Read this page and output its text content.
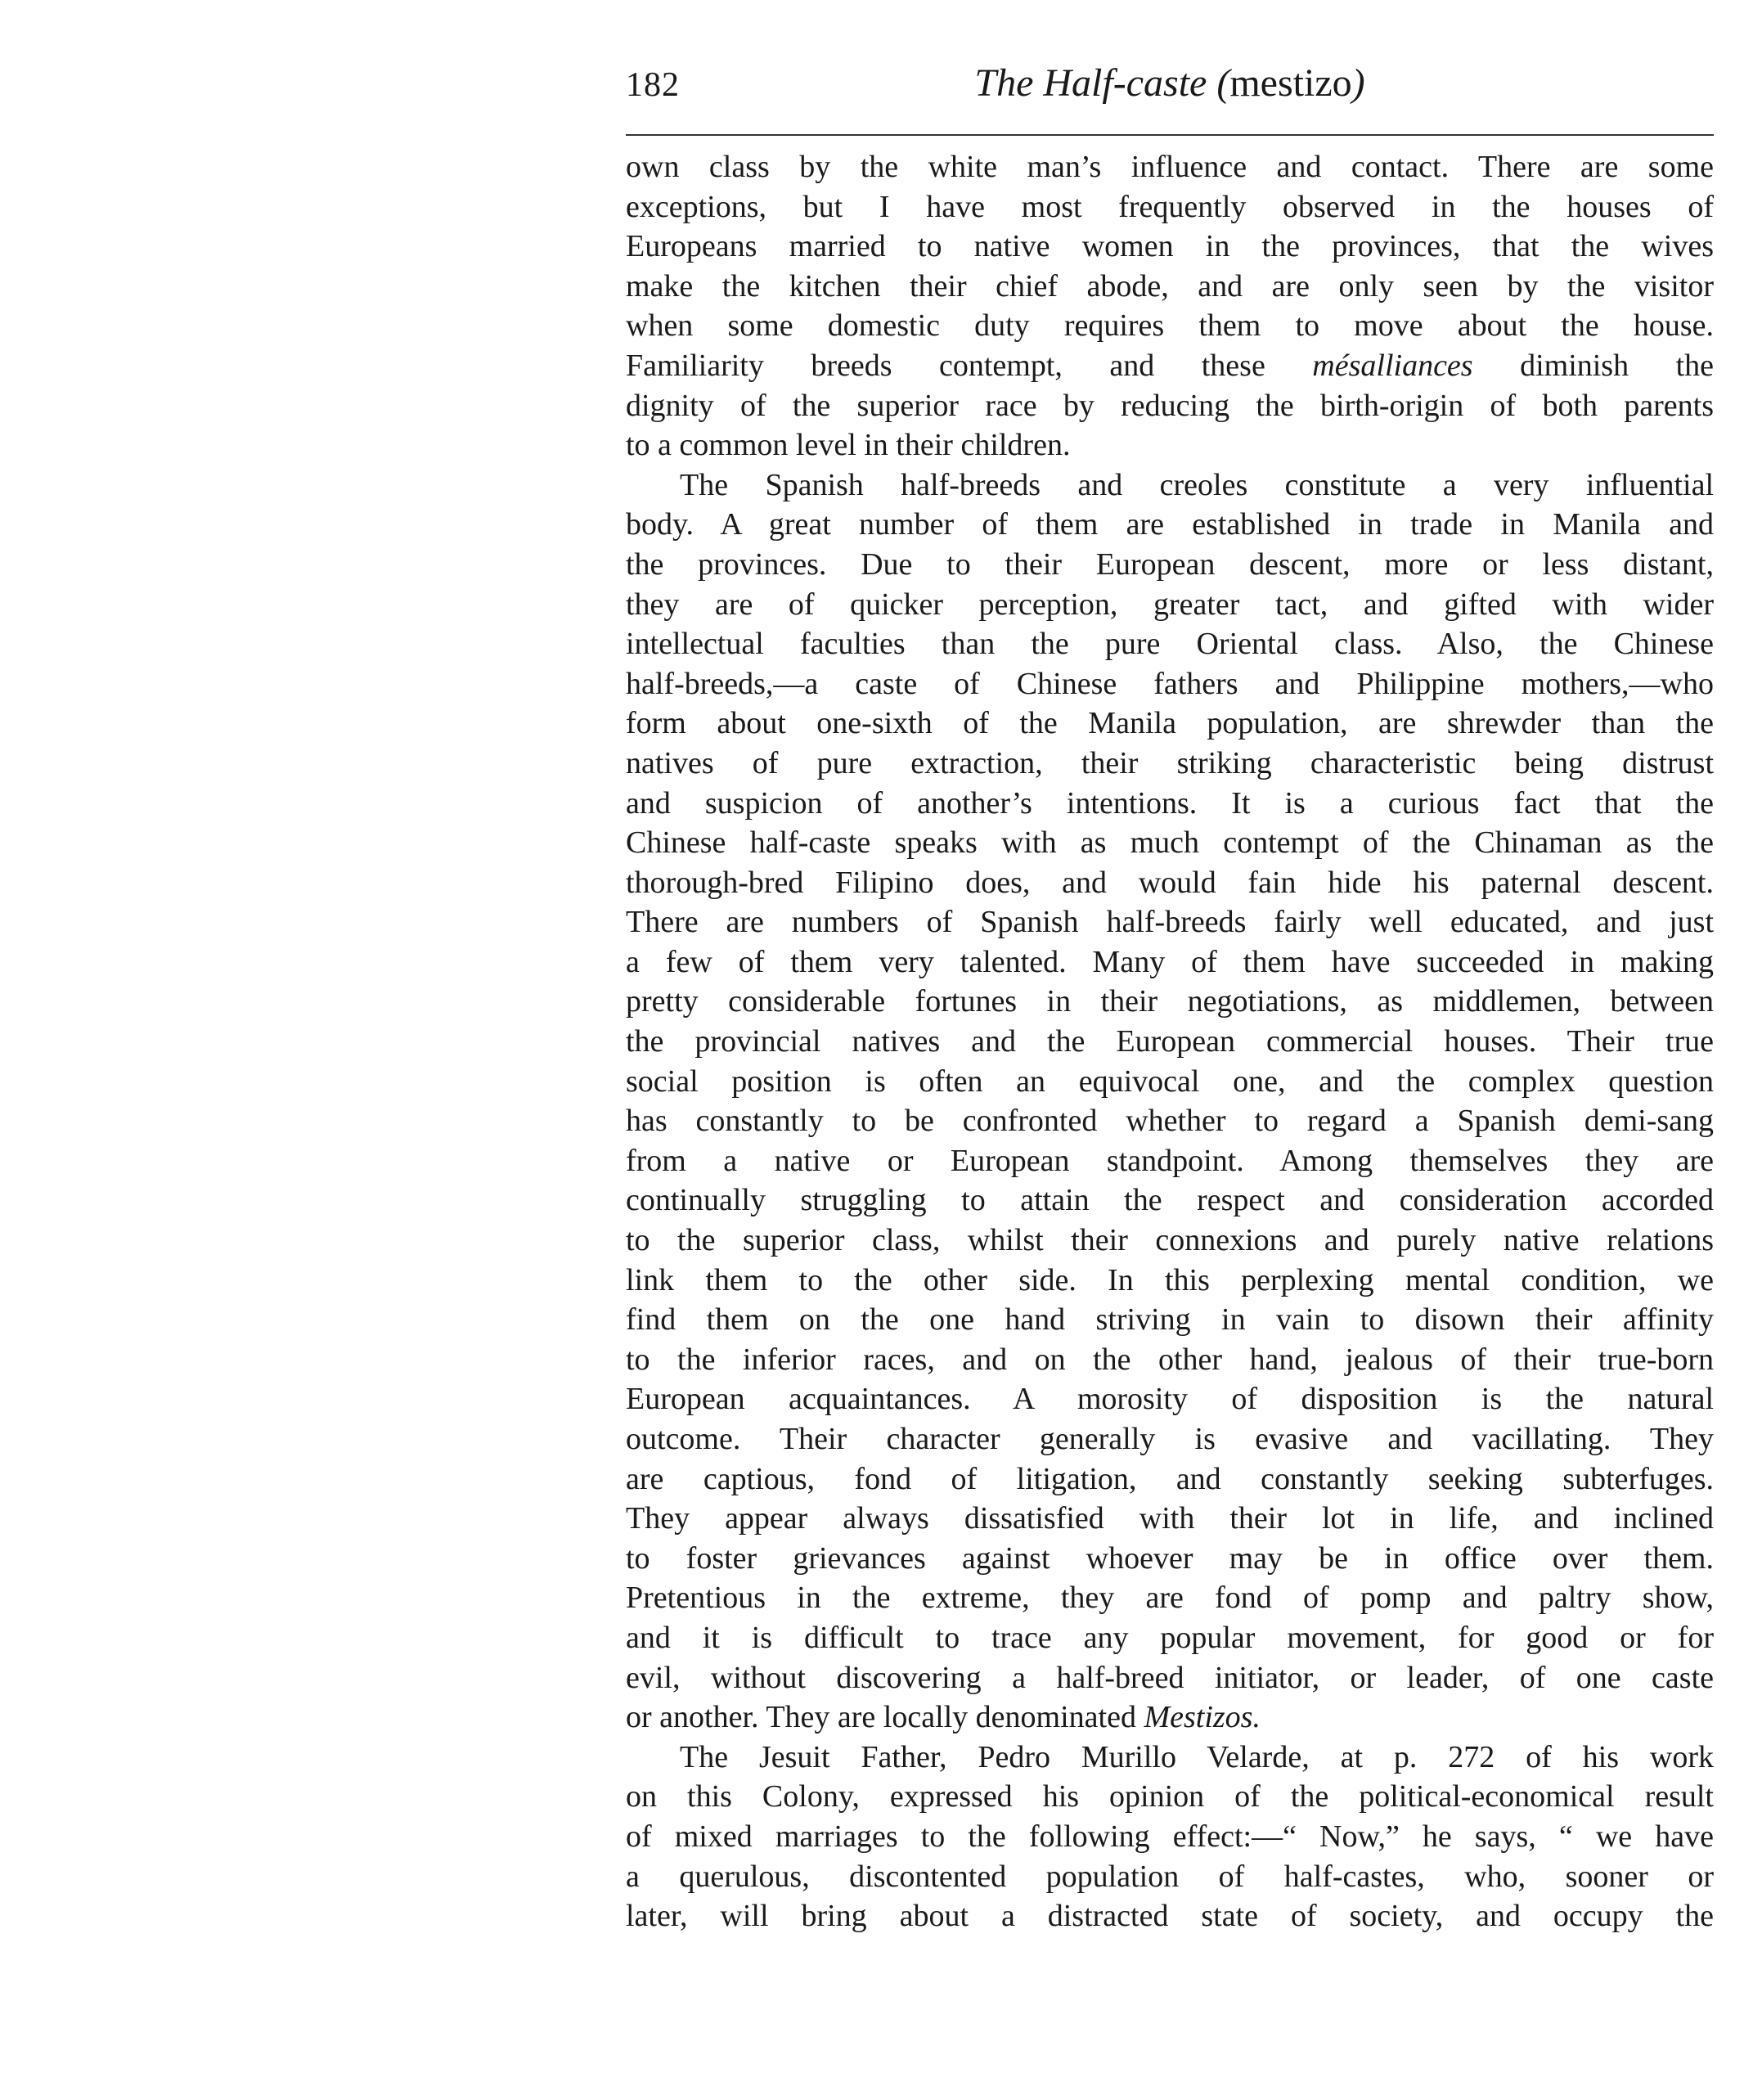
182	The Half-caste (mestizo)
own class by the white man’s influence and contact. There are some
exceptions, but I have most frequently observed in the houses of
Europeans married to native women in the provinces, that the wives
make the kitchen their chief abode, and are only seen by the visitor
when some domestic duty requires them to move about the house.
Familiarity breeds contempt, and these mésalliances diminish the
dignity of the superior race by reducing the birth-origin of both parents
to a common level in their children.
The Spanish half-breeds and creoles constitute a very influential
body. A great number of them are established in trade in Manila and
the provinces. Due to their European descent, more or less distant,
they are of quicker perception, greater tact, and gifted with wider
intellectual faculties than the pure Oriental class. Also, the Chinese
half-breeds,—a caste of Chinese fathers and Philippine mothers,—who
form about one-sixth of the Manila population, are shrewder than the
natives of pure extraction, their striking characteristic being distrust
and suspicion of another’s intentions. It is a curious fact that the
Chinese half-caste speaks with as much contempt of the Chinaman as the
thorough-bred Filipino does, and would fain hide his paternal descent.
There are numbers of Spanish half-breeds fairly well educated, and just
a few of them very talented. Many of them have succeeded in making
pretty considerable fortunes in their negotiations, as middlemen, between
the provincial natives and the European commercial houses. Their true
social position is often an equivocal one, and the complex question
has constantly to be confronted whether to regard a Spanish demi-sang
from a native or European standpoint. Among themselves they are
continually struggling to attain the respect and consideration accorded
to the superior class, whilst their connexions and purely native relations
link them to the other side. In this perplexing mental condition, we
find them on the one hand striving in vain to disown their affinity
to the inferior races, and on the other hand, jealous of their true-born
European acquaintances. A morosity of disposition is the natural
outcome. Their character generally is evasive and vacillating. They
are captious, fond of litigation, and constantly seeking subterfuges.
They appear always dissatisfied with their lot in life, and inclined
to foster grievances against whoever may be in office over them.
Pretentious in the extreme, they are fond of pomp and paltry show,
and it is difficult to trace any popular movement, for good or for
evil, without discovering a half-breed initiator, or leader, of one caste
or another. They are locally denominated Mestizos.
The Jesuit Father, Pedro Murillo Velarde, at p. 272 of his work
on this Colony, expressed his opinion of the political-economical result
of mixed marriages to the following effect:—“ Now,” he says, “ we have
a querulous, discontented population of half-castes, who, sooner or
later, will bring about a distracted state of society, and occupy the
